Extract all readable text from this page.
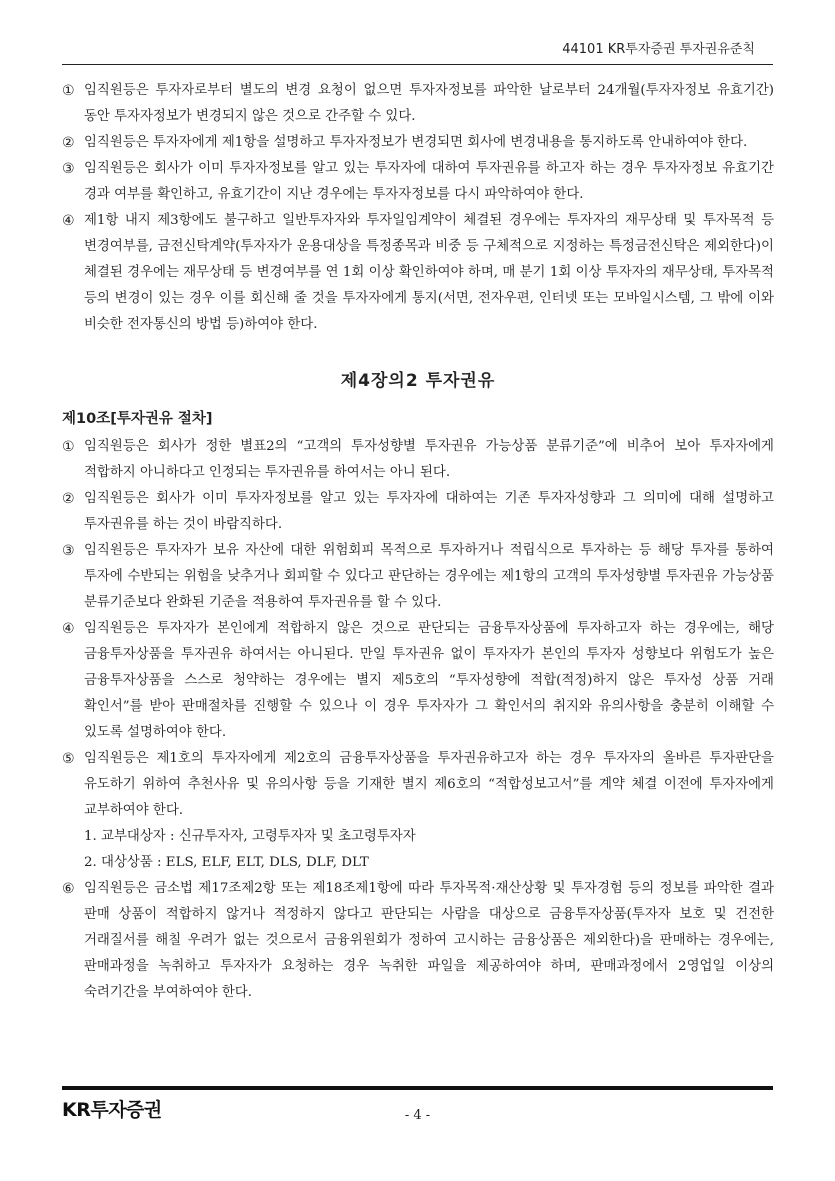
44101 KR투자증권 투자권유준칙
① 임직원등은 투자자로부터 별도의 변경 요청이 없으면 투자자정보를 파악한 날로부터 24개월(투자자정보 유효기간) 동안 투자자정보가 변경되지 않은 것으로 간주할 수 있다.
② 임직원등은 투자자에게 제1항을 설명하고 투자자정보가 변경되면 회사에 변경내용을 통지하도록 안내하여야 한다.
③ 임직원등은 회사가 이미 투자자정보를 알고 있는 투자자에 대하여 투자권유를 하고자 하는 경우 투자자정보 유효기간 경과 여부를 확인하고, 유효기간이 지난 경우에는 투자자정보를 다시 파악하여야 한다.
④ 제1항 내지 제3항에도 불구하고 일반투자자와 투자일임계약이 체결된 경우에는 투자자의 재무상태 및 투자목적 등 변경여부를, 금전신탁계약(투자자가 운용대상을 특정종목과 비중 등 구체적으로 지정하는 특정금전신탁은 제외한다)이 체결된 경우에는 재무상태 등 변경여부를 연 1회 이상 확인하여야 하며, 매 분기 1회 이상 투자자의 재무상태, 투자목적 등의 변경이 있는 경우 이를 회신해 줄 것을 투자자에게 통지(서면, 전자우편, 인터넷 또는 모바일시스템, 그 밖에 이와 비슷한 전자통신의 방법 등)하여야 한다.
제4장의2 투자권유
제10조[투자권유 절차]
① 임직원등은 회사가 정한 별표2의 “고객의 투자성향별 투자권유 가능상품 분류기준”에 비추어 보아 투자자에게 적합하지 아니하다고 인정되는 투자권유를 하여서는 아니 된다.
② 임직원등은 회사가 이미 투자자정보를 알고 있는 투자자에 대하여는 기존 투자자성향과 그 의미에 대해 설명하고 투자권유를 하는 것이 바람직하다.
③ 임직원등은 투자자가 보유 자산에 대한 위험회피 목적으로 투자하거나 적립식으로 투자하는 등 해당 투자를 통하여 투자에 수반되는 위험을 낮추거나 회피할 수 있다고 판단하는 경우에는 제1항의 고객의 투자성향별 투자권유 가능상품 분류기준보다 완화된 기준을 적용하여 투자권유를 할 수 있다.
④ 임직원등은 투자자가 본인에게 적합하지 않은 것으로 판단되는 금융투자상품에 투자하고자 하는 경우에는, 해당 금융투자상품을 투자권유 하여서는 아니된다. 만일 투자권유 없이 투자자가 본인의 투자자 성향보다 위험도가 높은 금융투자상품을 스스로 청약하는 경우에는 별지 제5호의 “투자성향에 적합(적정)하지 않은 투자성 상품 거래 확인서”를 받아 판매절차를 진행할 수 있으나 이 경우 투자자가 그 확인서의 취지와 유의사항을 충분히 이해할 수 있도록 설명하여야 한다.
⑤ 임직원등은 제1호의 투자자에게 제2호의 금융투자상품을 투자권유하고자 하는 경우 투자자의 올바른 투자판단을 유도하기 위하여 추천사유 및 유의사항 등을 기재한 별지 제6호의 “적합성보고서”를 계약 체결 이전에 투자자에게 교부하여야 한다.
1. 교부대상자 : 신규투자자, 고령투자자 및 초고령투자자
2. 대상상품 : ELS, ELF, ELT, DLS, DLF, DLT
⑥ 임직원등은 금소법 제17조제2항 또는 제18조제1항에 따라 투자목적·재산상황 및 투자경험 등의 정보를 파악한 결과 판매 상품이 적합하지 않거나 적정하지 않다고 판단되는 사람을 대상으로 금융투자상품(투자자 보호 및 건전한 거래질서를 해칠 우려가 없는 것으로서 금융위원회가 정하여 고시하는 금융상품은 제외한다)을 판매하는 경우에는, 판매과정을 녹취하고 투자자가 요청하는 경우 녹취한 파일을 제공하여야 하며, 판매과정에서 2영업일 이상의 숙려기간을 부여하여야 한다.
KR투자증권	- 4 -
